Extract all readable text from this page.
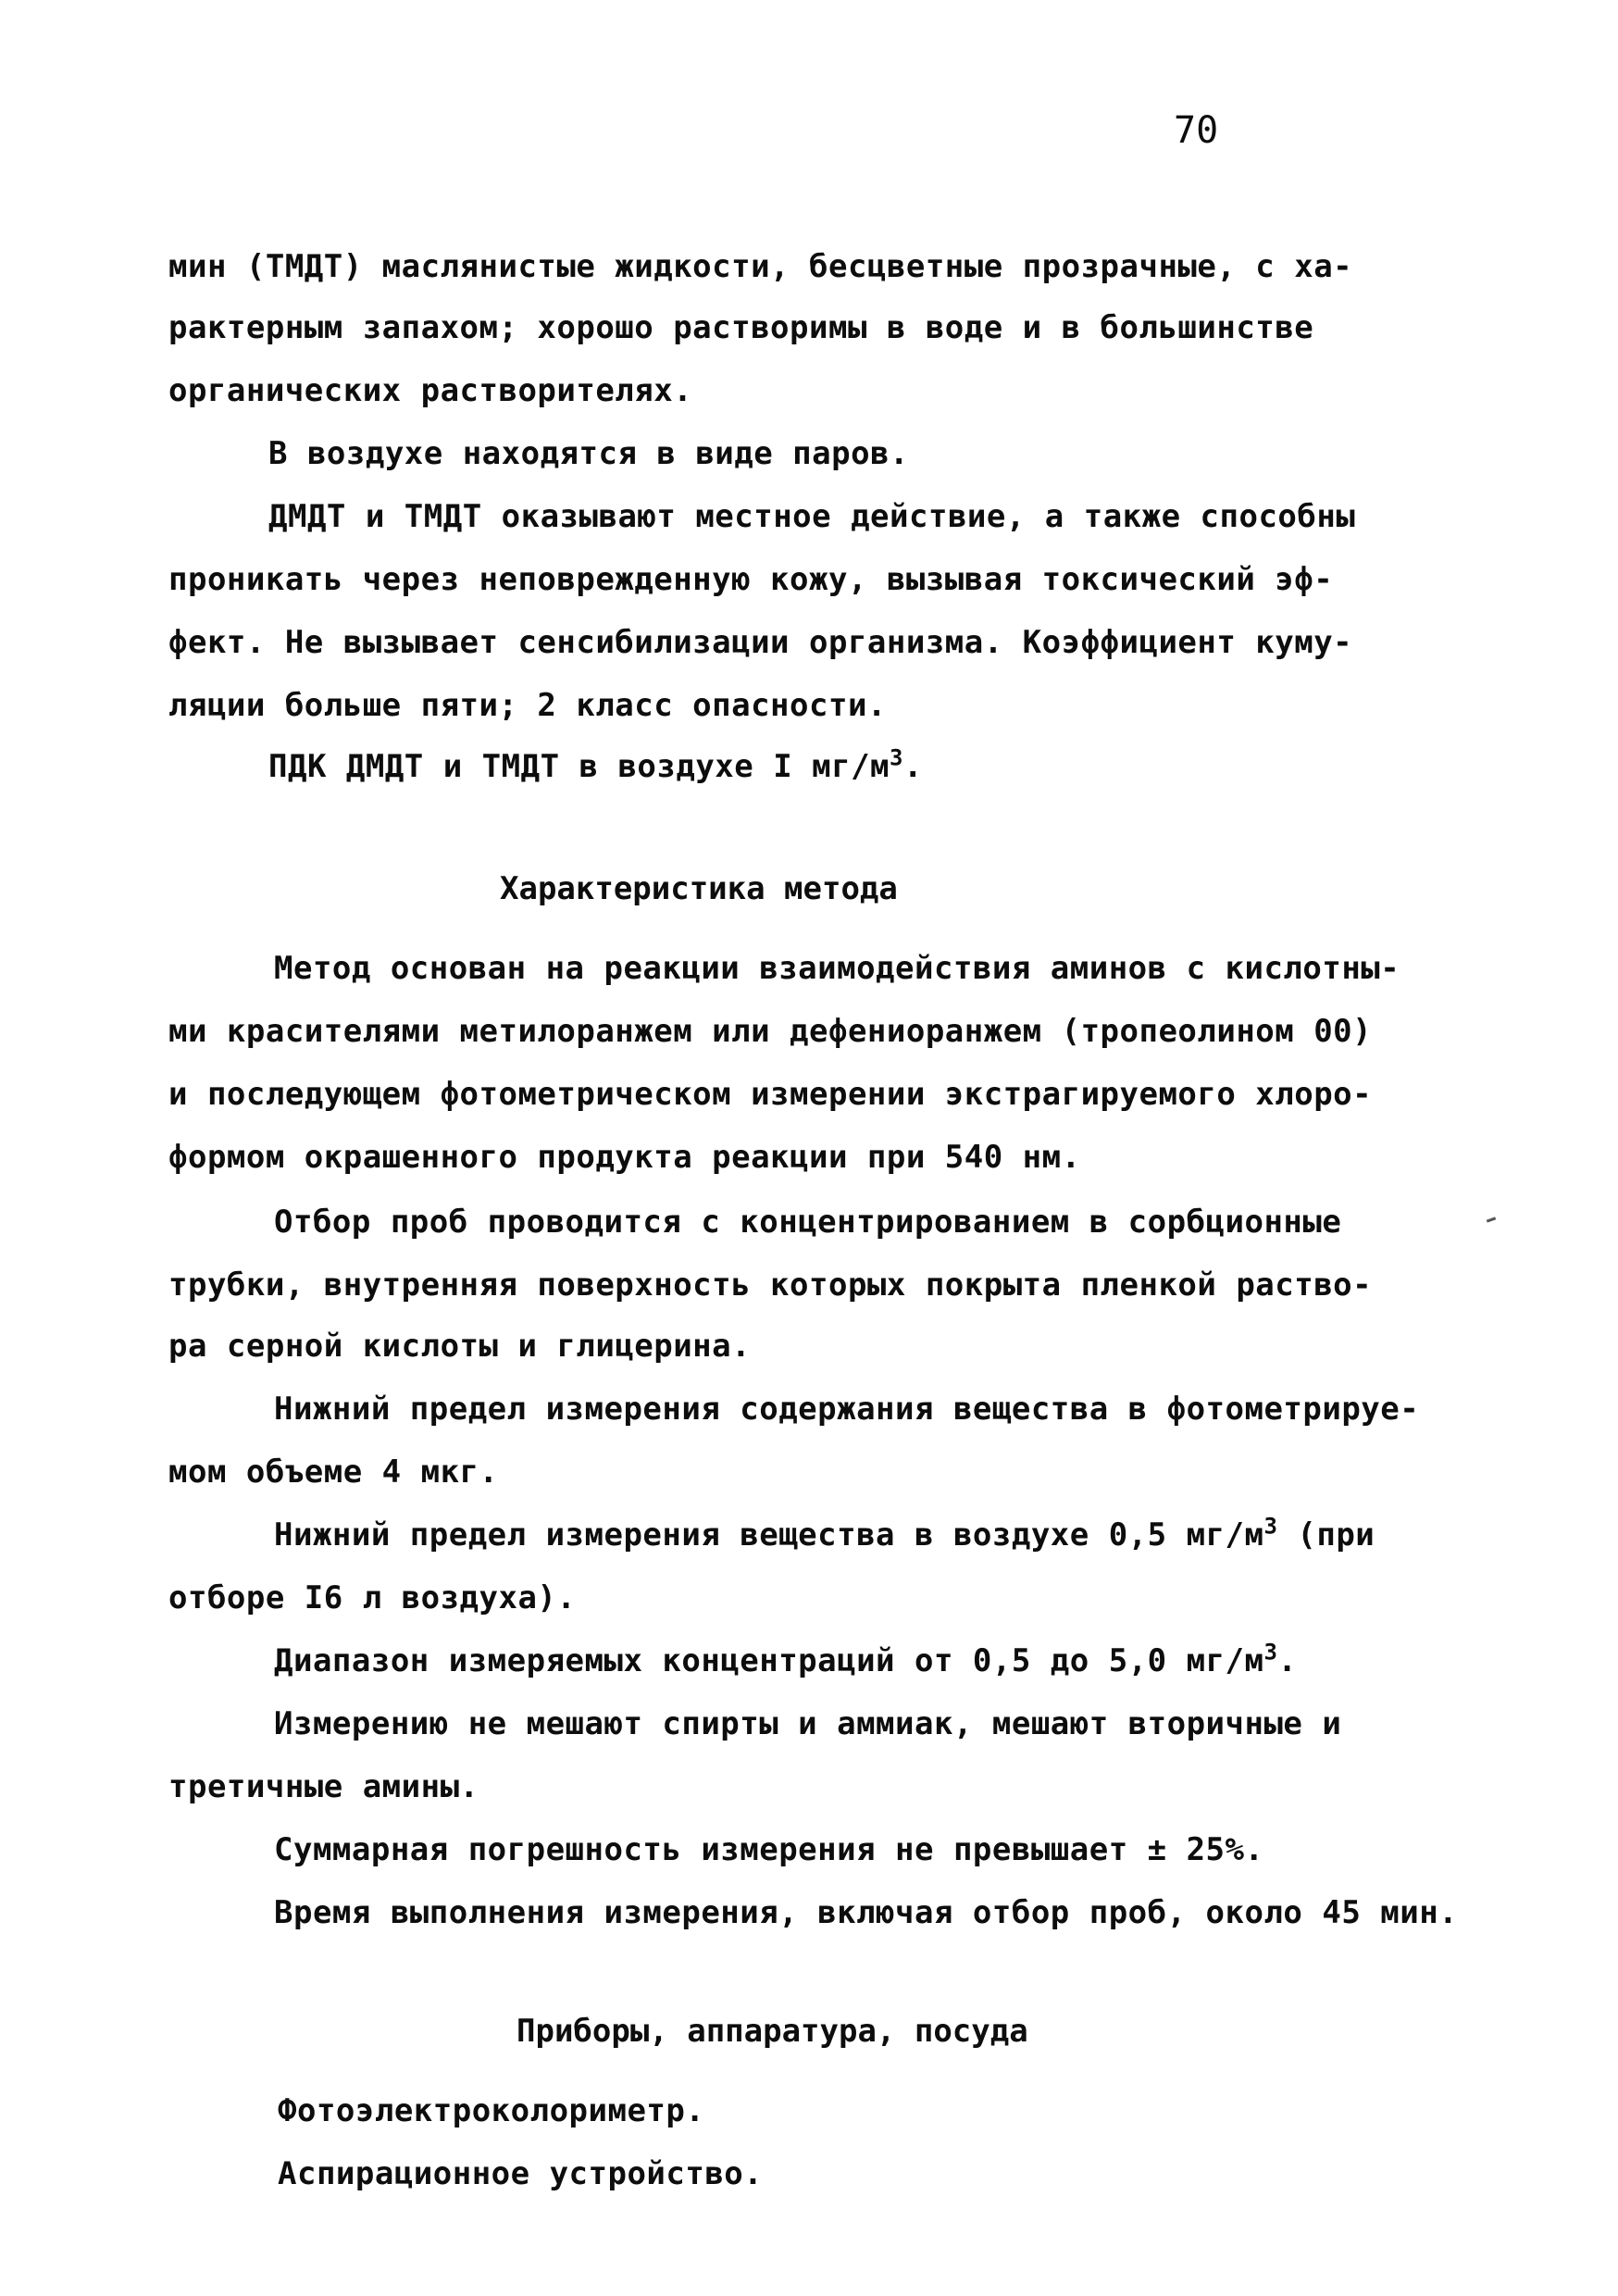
70
мин (ТМДТ) маслянистые жидкости, бесцветные прозрачные, с ха-
рактерным запахом; хорошо растворимы в воде и в большинстве
органических растворителях.
В воздухе находятся в виде паров.
ДМДТ и ТМДТ оказывают местное действие, а также способны
проникать через неповрежденную кожу, вызывая токсический эф-
фект. Не вызывает сенсибилизации организма. Коэффициент куму-
ляции больше пяти; 2 класс опасности.
ПДК ДМДТ и ТМДТ в воздухе I $мг/м^3$.
Характеристика метода
Метод основан на реакции взаимодействия аминов с кислотны-
ми красителями метилоранжем или дефениоранжем (тропеолином 00)
и последующем фотометрическом измерении экстрагируемого хлоро-
формом окрашенного продукта реакции при 540 нм.
Отбор проб проводится с концентрированием в сорбционные
трубки, внутренняя поверхность которых покрыта пленкой раство-
ра серной кислоты и глицерина.
Нижний предел измерения содержания вещества в фотометрируе-
мом объеме 4 мкг.
Нижний предел измерения вещества в воздухе 0,5 $мг/м^3$ (при
отборе I6 л воздуха).
Диапазон измеряемых концентраций от 0,5 до 5,0 $мг/м^3$.
Измерению не мешают спирты и аммиак, мешают вторичные и
третичные амины.
Суммарная погрешность измерения не превышает ± 25%.
Время выполнения измерения, включая отбор проб, около 45 мин.
Приборы, аппаратура, посуда
Фотоэлектроколориметр.
Аспирационное устройство.
